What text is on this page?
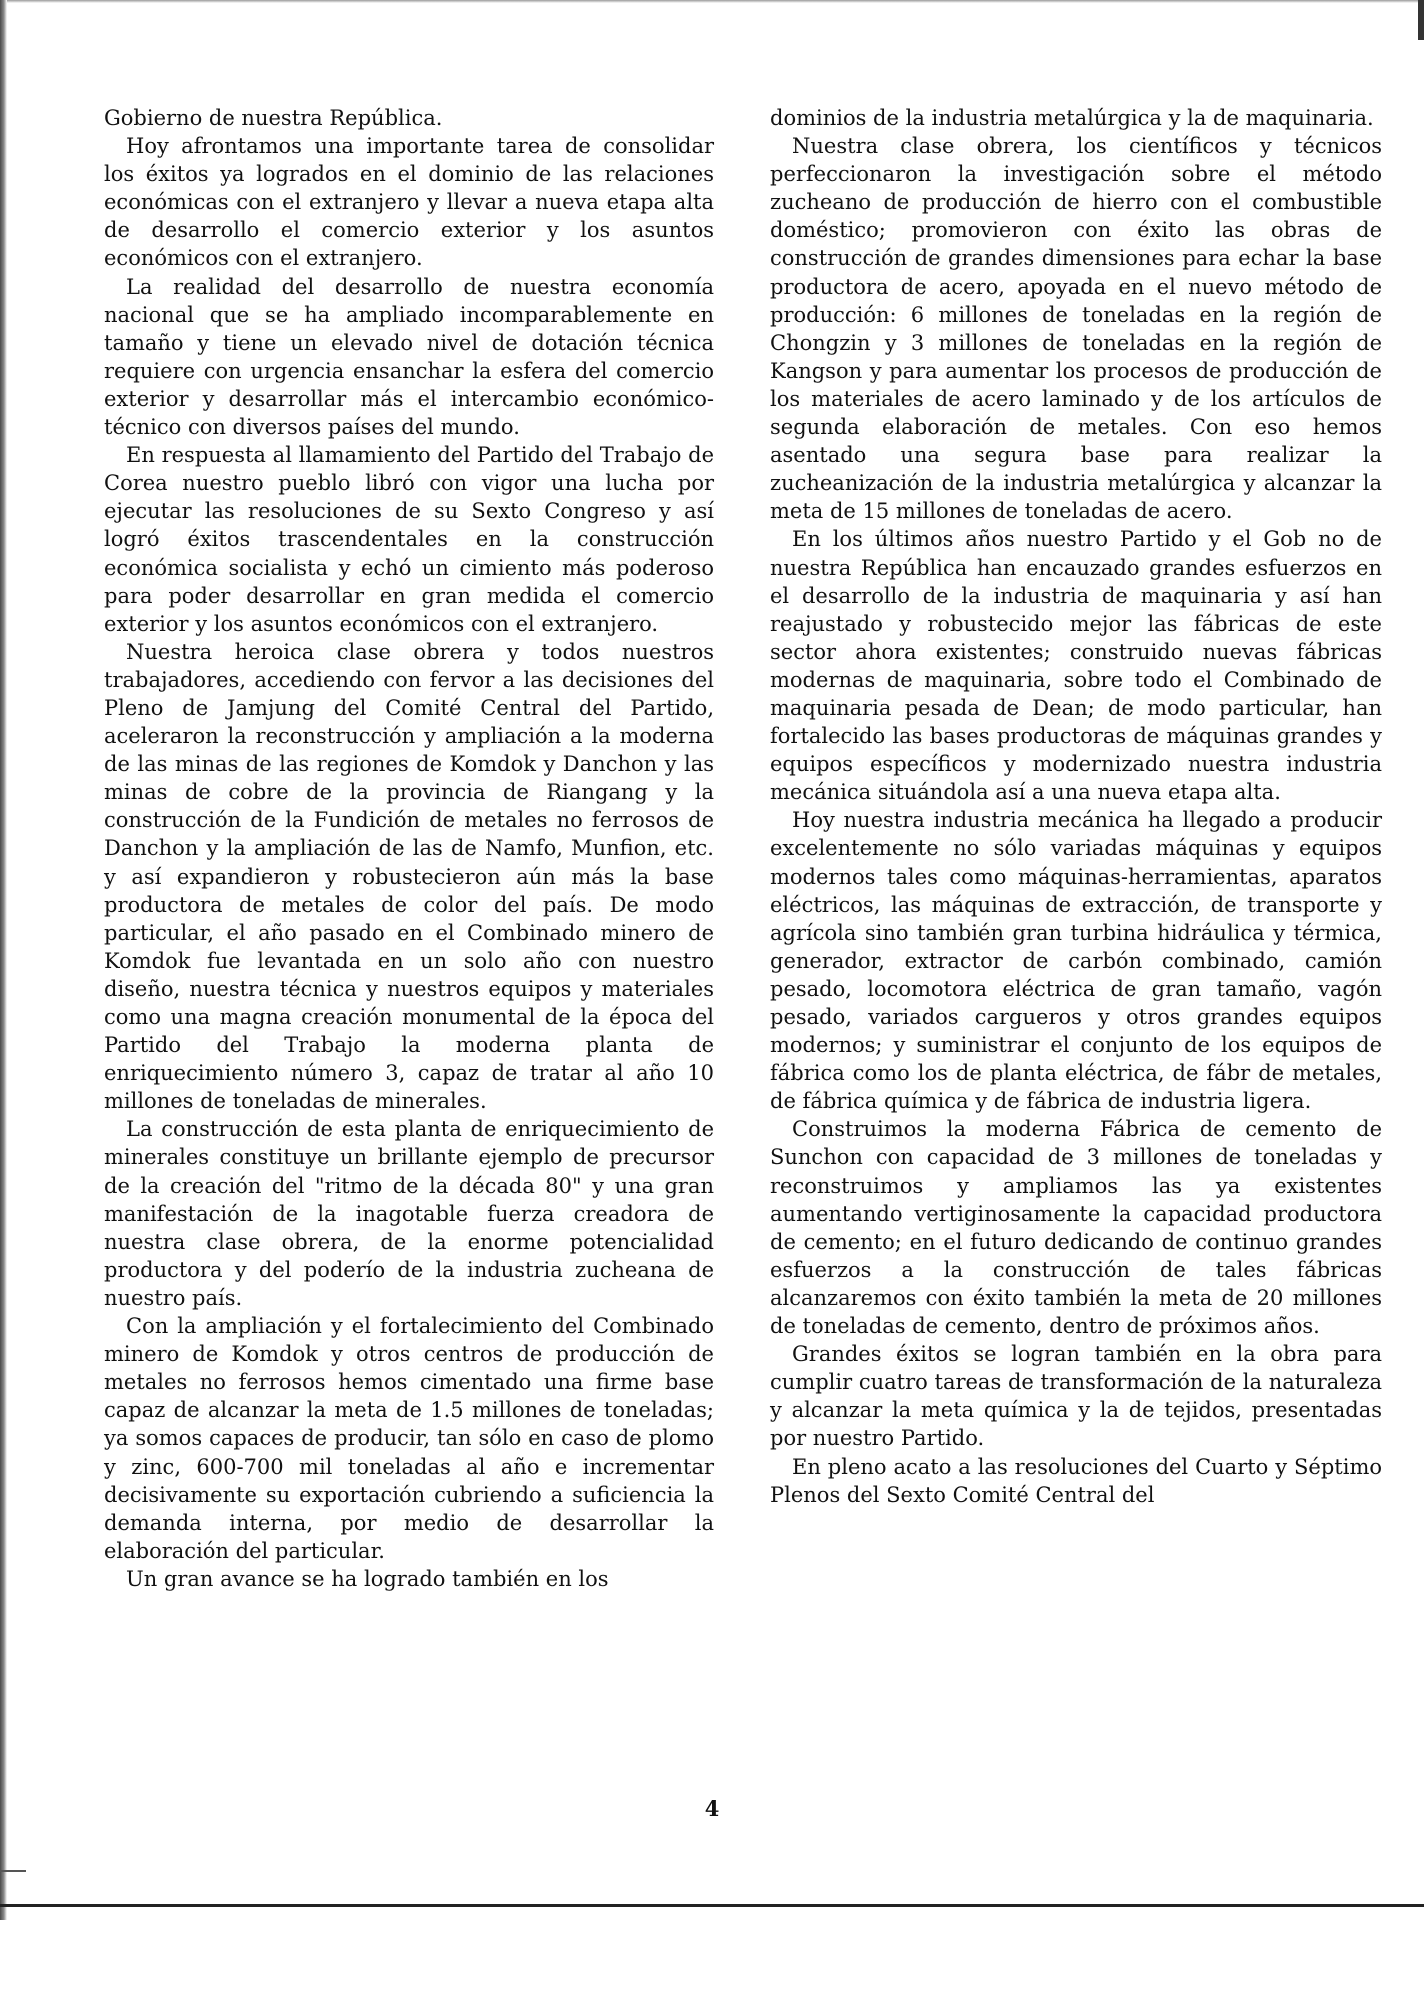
Gobierno de nuestra República.

Hoy afrontamos una importante tarea de consolidar los éxitos ya logrados en el dominio de las relaciones económicas con el extranjero y llevar a nueva etapa alta de desarrollo el comercio exterior y los asuntos económicos con el extranjero.

La realidad del desarrollo de nuestra economía nacional que se ha ampliado incomparablemente en tamaño y tiene un elevado nivel de dotación técnica requiere con urgencia ensanchar la esfera del comercio exterior y desarrollar más el intercambio económico-técnico con diversos países del mundo.

En respuesta al llamamiento del Partido del Trabajo de Corea nuestro pueblo libró con vigor una lucha por ejecutar las resoluciones de su Sexto Congreso y así logró éxitos trascendentales en la construcción económica socialista y echó un cimiento más poderoso para poder desarrollar en gran medida el comercio exterior y los asuntos económicos con el extranjero.

Nuestra heroica clase obrera y todos nuestros trabajadores, accediendo con fervor a las decisiones del Pleno de Jamjung del Comité Central del Partido, aceleraron la reconstrucción y ampliación a la moderna de las minas de las regiones de Komdok y Danchon y las minas de cobre de la provincia de Riangang y la construcción de la Fundición de metales no ferrosos de Danchon y la ampliación de las de Namfo, Munfion, etc. y así expandieron y robustecieron aún más la base productora de metales de color del país. De modo particular, el año pasado en el Combinado minero de Komdok fue levantada en un solo año con nuestro diseño, nuestra técnica y nuestros equipos y materiales como una magna creación monumental de la época del Partido del Trabajo la moderna planta de enriquecimiento número 3, capaz de tratar al año 10 millones de toneladas de minerales.

La construcción de esta planta de enriquecimiento de minerales constituye un brillante ejemplo de precursor de la creación del "ritmo de la década 80" y una gran manifestación de la inagotable fuerza creadora de nuestra clase obrera, de la enorme potencialidad productora y del poderío de la industria zucheana de nuestro país.

Con la ampliación y el fortalecimiento del Combinado minero de Komdok y otros centros de producción de metales no ferrosos hemos cimentado una firme base capaz de alcanzar la meta de 1.5 millones de toneladas; ya somos capaces de producir, tan sólo en caso de plomo y zinc, 600-700 mil toneladas al año e incrementar decisivamente su exportación cubriendo a suficiencia la demanda interna, por medio de desarrollar la elaboración del particular.

Un gran avance se ha logrado también en los

dominios de la industria metalúrgica y la de maquinaria.

Nuestra clase obrera, los científicos y técnicos perfeccionaron la investigación sobre el método zucheano de producción de hierro con el combustible doméstico; promovieron con éxito las obras de construcción de grandes dimensiones para echar la base productora de acero, apoyada en el nuevo método de producción: 6 millones de toneladas en la región de Chongzin y 3 millones de toneladas en la región de Kangson y para aumentar los procesos de producción de los materiales de acero laminado y de los artículos de segunda elaboración de metales. Con eso hemos asentado una segura base para realizar la zucheanización de la industria metalúrgica y alcanzar la meta de 15 millones de toneladas de acero.

En los últimos años nuestro Partido y el Gob no de nuestra República han encauzado grandes esfuerzos en el desarrollo de la industria de maquinaria y así han reajustado y robustecido mejor las fábricas de este sector ahora existentes; construido nuevas fábricas modernas de maquinaria, sobre todo el Combinado de maquinaria pesada de Dean; de modo particular, han fortalecido las bases productoras de máquinas grandes y equipos específicos y modernizado nuestra industria mecánica situándola así a una nueva etapa alta.

Hoy nuestra industria mecánica ha llegado a producir excelentemente no sólo variadas máquinas y equipos modernos tales como máquinas-herramientas, aparatos eléctricos, las máquinas de extracción, de transporte y agrícola sino también gran turbina hidráulica y térmica, generador, extractor de carbón combinado, camión pesado, locomotora eléctrica de gran tamaño, vagón pesado, variados cargueros y otros grandes equipos modernos; y suministrar el conjunto de los equipos de fábrica como los de planta eléctrica, de fábr de metales, de fábrica química y de fábrica de industria ligera.

Construimos la moderna Fábrica de cemento de Sunchon con capacidad de 3 millones de toneladas y reconstruimos y ampliamos las ya existentes aumentando vertiginosamente la capacidad productora de cemento; en el futuro dedicando de continuo grandes esfuerzos a la construcción de tales fábricas alcanzaremos con éxito también la meta de 20 millones de toneladas de cemento, dentro de próximos años.

Grandes éxitos se logran también en la obra para cumplir cuatro tareas de transformación de la naturaleza y alcanzar la meta química y la de tejidos, presentadas por nuestro Partido.

En pleno acato a las resoluciones del Cuarto y Séptimo Plenos del Sexto Comité Central del

4
